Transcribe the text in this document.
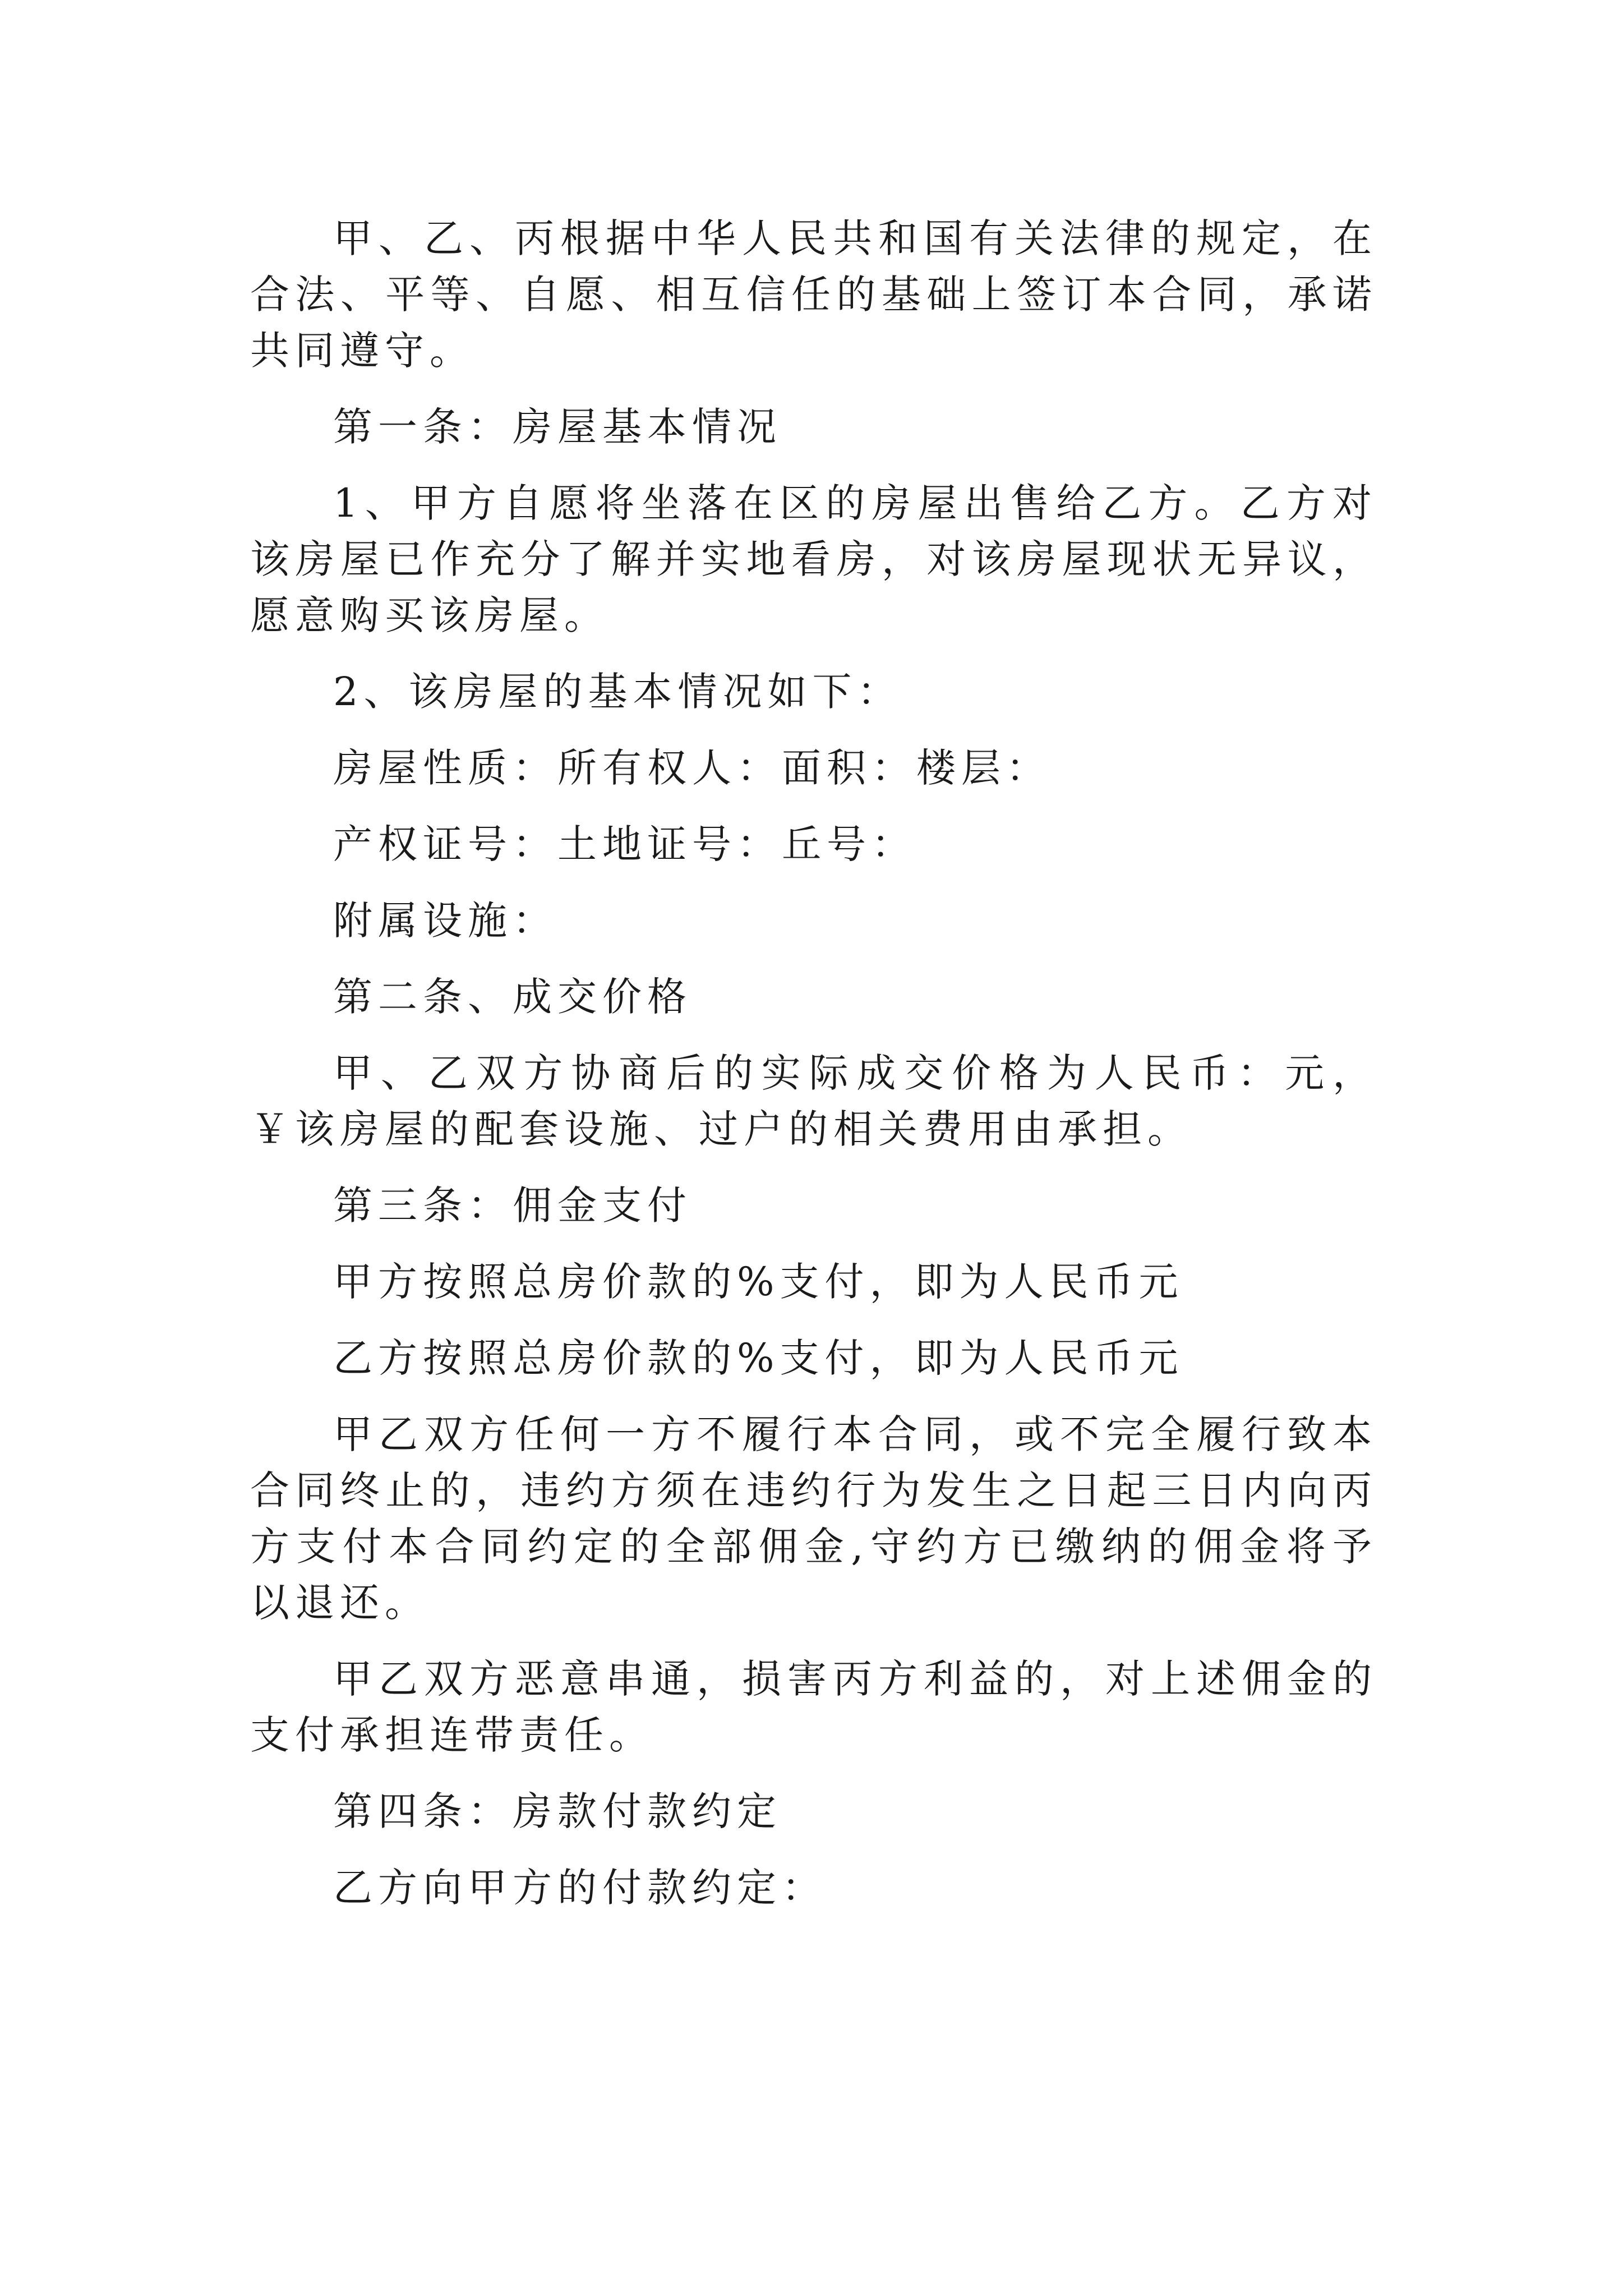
甲、乙、丙根据中华人民共和国有关法律的规定，在合法、平等、自愿、相互信任的基础上签订本合同，承诺共同遵守。

第一条：房屋基本情况

1、甲方自愿将坐落在区的房屋出售给乙方。乙方对该房屋已作充分了解并实地看房，对该房屋现状无异议，愿意购买该房屋。

2、该房屋的基本情况如下：

房屋性质：所有权人：面积：楼层：

产权证号：土地证号：丘号：

附属设施：

第二条、成交价格

甲、乙双方协商后的实际成交价格为人民币：元，￥该房屋的配套设施、过户的相关费用由承担。

第三条：佣金支付

甲方按照总房价款的%支付，即为人民币元

乙方按照总房价款的%支付，即为人民币元

甲乙双方任何一方不履行本合同，或不完全履行致本合同终止的，违约方须在违约行为发生之日起三日内向丙方支付本合同约定的全部佣金,守约方已缴纳的佣金将予以退还。

甲乙双方恶意串通，损害丙方利益的，对上述佣金的支付承担连带责任。

第四条：房款付款约定

乙方向甲方的付款约定：
